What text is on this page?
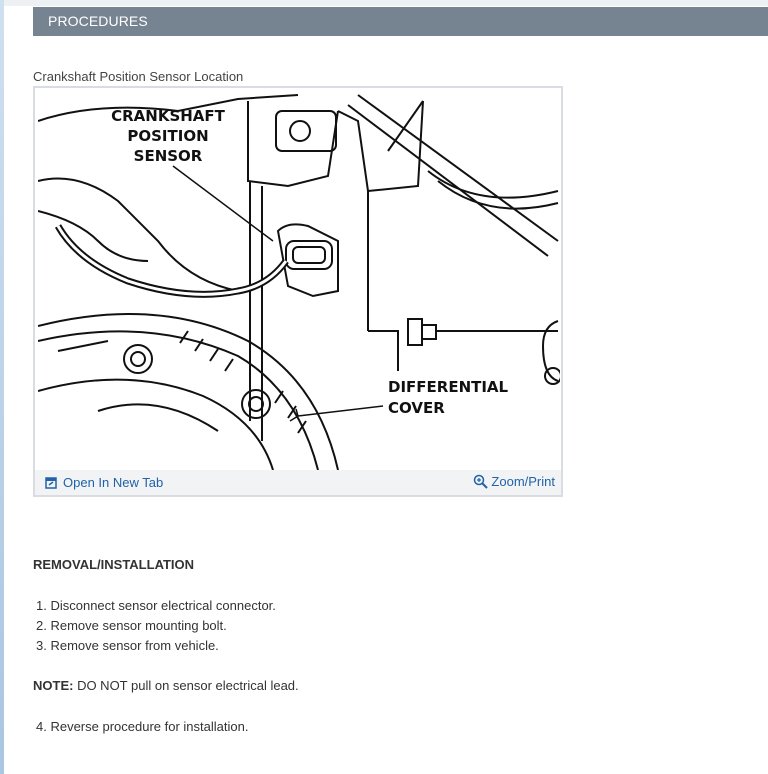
PROCEDURES
Crankshaft Position Sensor Location
CRANKSHAFT
POSITION
SENSOR
DIFFERENTIAL
COVER
Open In New Tab	Zoom/Print
REMOVAL/INSTALLATION
1. Disconnect sensor electrical connector.
2. Remove sensor mounting bolt.
3. Remove sensor from vehicle.
NOTE: DO NOT pull on sensor electrical lead.
4. Reverse procedure for installation.
